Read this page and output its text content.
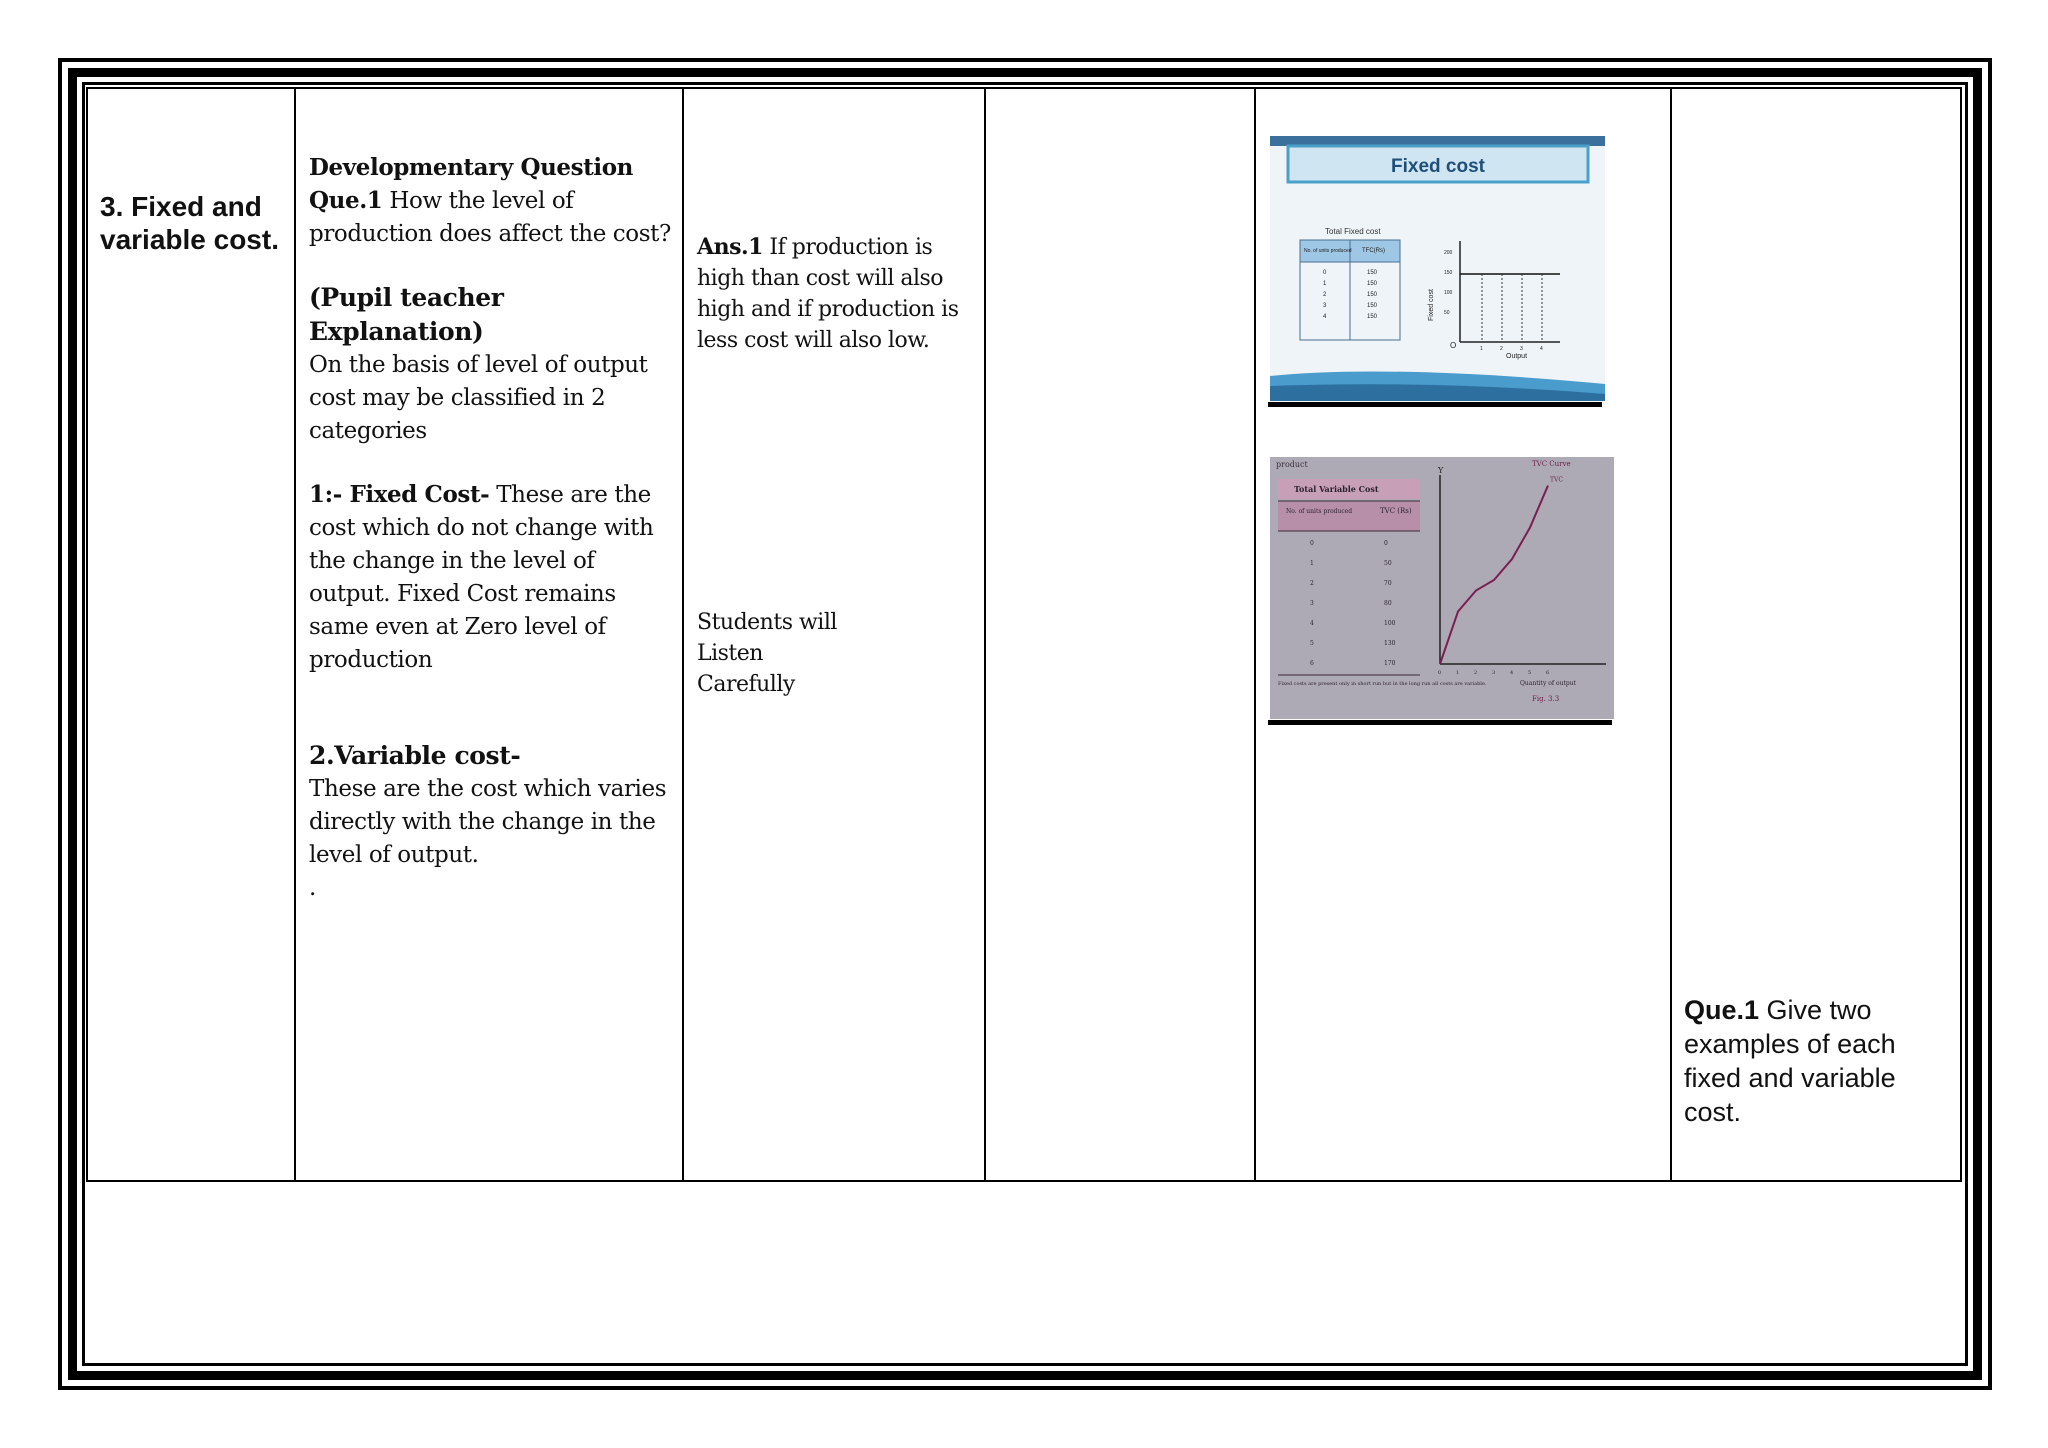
3. Fixed and variable cost.
Developmentary Question

Que.1 How the level of production does affect the cost?

(Pupil teacher Explanation)

On the basis of level of output cost may be classified in 2 categories

1:- Fixed Cost- These are the cost which do not change with the change in the level of output. Fixed Cost remains same even at Zero level of production

2.Variable cost-

These are the cost which varies directly with the change in the level of output.

.

Ans.1 If production is high than cost will also high and if production is less cost will also low.
Students will Listen Carefully
Fixed cost
Total Fixed cost
No. of units produced TFC(Rs)
0	150
1	150
2	150
3	150
4	150
O
Fixed cost
Output
200
150
100
50
1	2	3	4
product
Total Variable Cost
No. of units produced	TVC (Rs)
0	0
1	50
2	70
3	80
4	100
5	130
6	170
Fixed costs are present only in short run but in the long run all costs are variable.
TVC Curve
Y
0	1	2	3	4	5	6
TVC
Quantity of output
Fig. 3.3
Que.1 Give two examples of each fixed and variable cost.
